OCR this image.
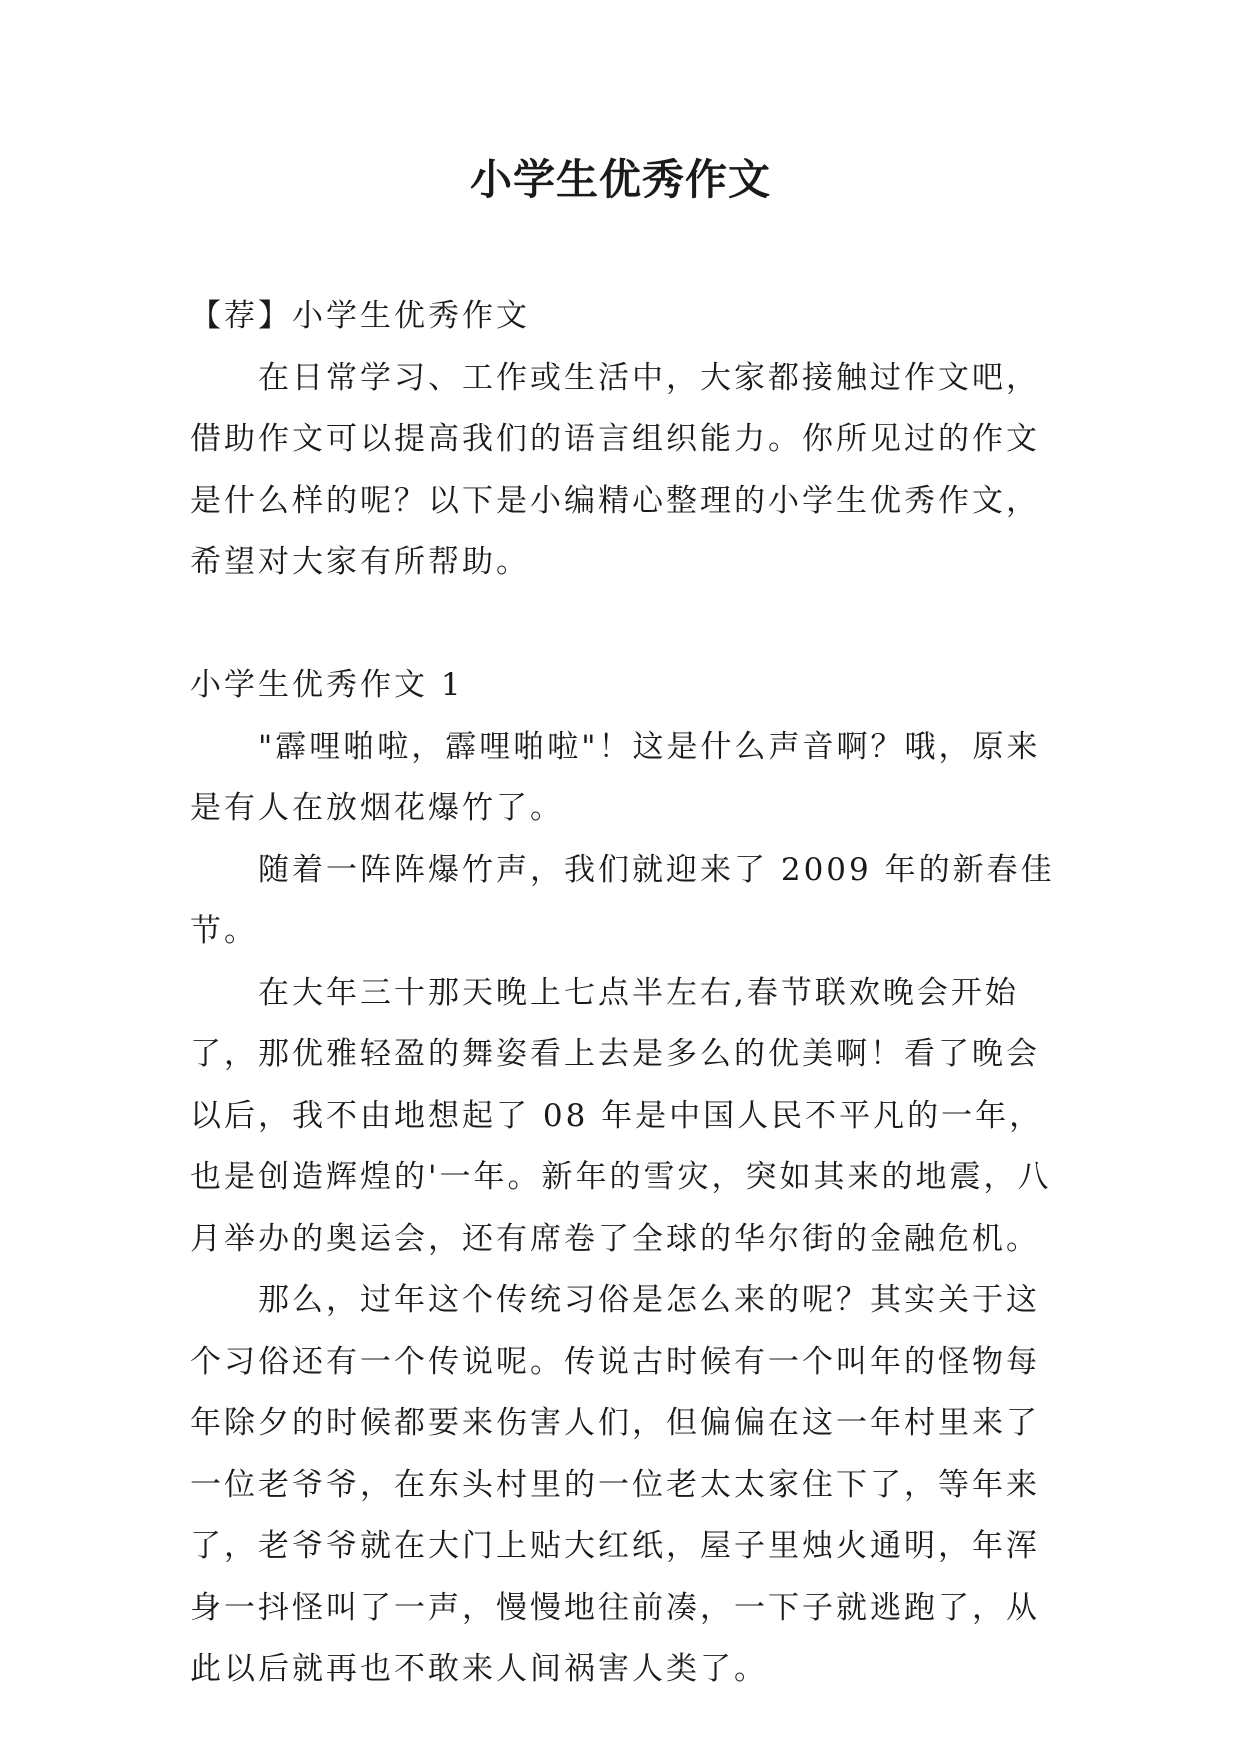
小学生优秀作文

【荐】小学生优秀作文

在日常学习、工作或生活中，大家都接触过作文吧，借助作文可以提高我们的语言组织能力。你所见过的作文是什么样的呢？以下是小编精心整理的小学生优秀作文，希望对大家有所帮助。

小学生优秀作文 1

"霹哩啪啦，霹哩啪啦"！这是什么声音啊？哦，原来是有人在放烟花爆竹了。

随着一阵阵爆竹声，我们就迎来了 2009 年的新春佳节。

在大年三十那天晚上七点半左右,春节联欢晚会开始了，那优雅轻盈的舞姿看上去是多么的优美啊！看了晚会以后，我不由地想起了 08 年是中国人民不平凡的一年，也是创造辉煌的'一年。新年的雪灾，突如其来的地震，八月举办的奥运会，还有席卷了全球的华尔街的金融危机。

那么，过年这个传统习俗是怎么来的呢？其实关于这个习俗还有一个传说呢。传说古时候有一个叫年的怪物每年除夕的时候都要来伤害人们，但偏偏在这一年村里来了一位老爷爷，在东头村里的一位老太太家住下了，等年来了，老爷爷就在大门上贴大红纸，屋子里烛火通明，年浑身一抖怪叫了一声，慢慢地往前凑，一下子就逃跑了，从此以后就再也不敢来人间祸害人类了。
